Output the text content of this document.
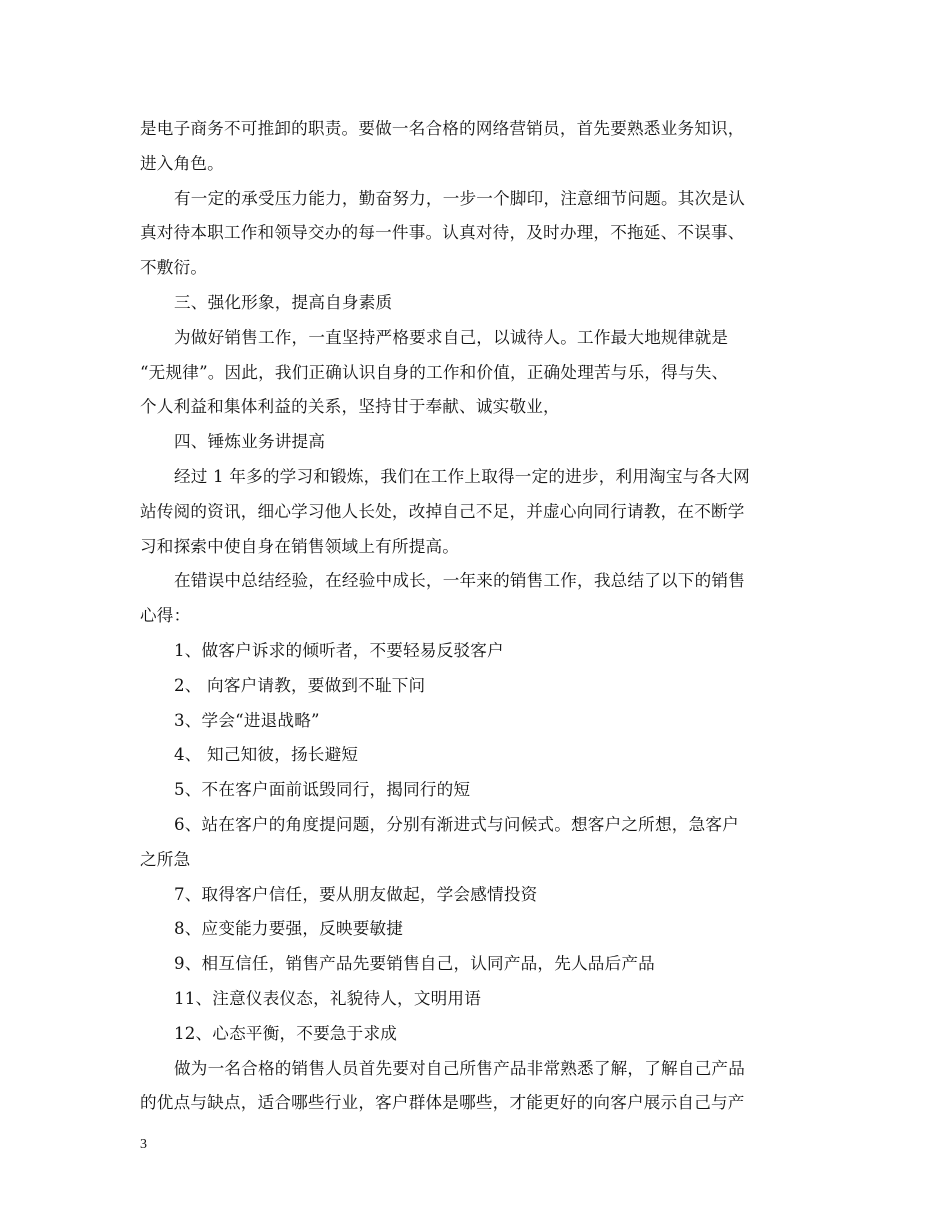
是电子商务不可推卸的职责。要做一名合格的网络营销员，首先要熟悉业务知识，
进入角色。
有一定的承受压力能力，勤奋努力，一步一个脚印，注意细节问题。其次是认
真对待本职工作和领导交办的每一件事。认真对待，及时办理，不拖延、不误事、
不敷衍。
三、强化形象，提高自身素质
为做好销售工作，一直坚持严格要求自己，以诚待人。工作最大地规律就是
“无规律”。因此，我们正确认识自身的工作和价值，正确处理苦与乐，得与失、
个人利益和集体利益的关系，坚持甘于奉献、诚实敬业，
四、锤炼业务讲提高
经过 1 年多的学习和锻炼，我们在工作上取得一定的进步，利用淘宝与各大网
站传阅的资讯，细心学习他人长处，改掉自己不足，并虚心向同行请教，在不断学
习和探索中使自身在销售领域上有所提高。
在错误中总结经验，在经验中成长，一年来的销售工作，我总结了以下的销售
心得：
1、做客户诉求的倾听者，不要轻易反驳客户
2、 向客户请教，要做到不耻下问
3、学会“进退战略”
4、 知己知彼，扬长避短
5、不在客户面前诋毁同行，揭同行的短
6、站在客户的角度提问题，分别有渐进式与问候式。想客户之所想，急客户
之所急
7、取得客户信任，要从朋友做起，学会感情投资
8、应变能力要强，反映要敏捷
9、相互信任，销售产品先要销售自己，认同产品，先人品后产品
11、注意仪表仪态，礼貌待人，文明用语
12、心态平衡，不要急于求成
做为一名合格的销售人员首先要对自己所售产品非常熟悉了解，了解自己产品
的优点与缺点，适合哪些行业，客户群体是哪些，才能更好的向客户展示自己与产
3
